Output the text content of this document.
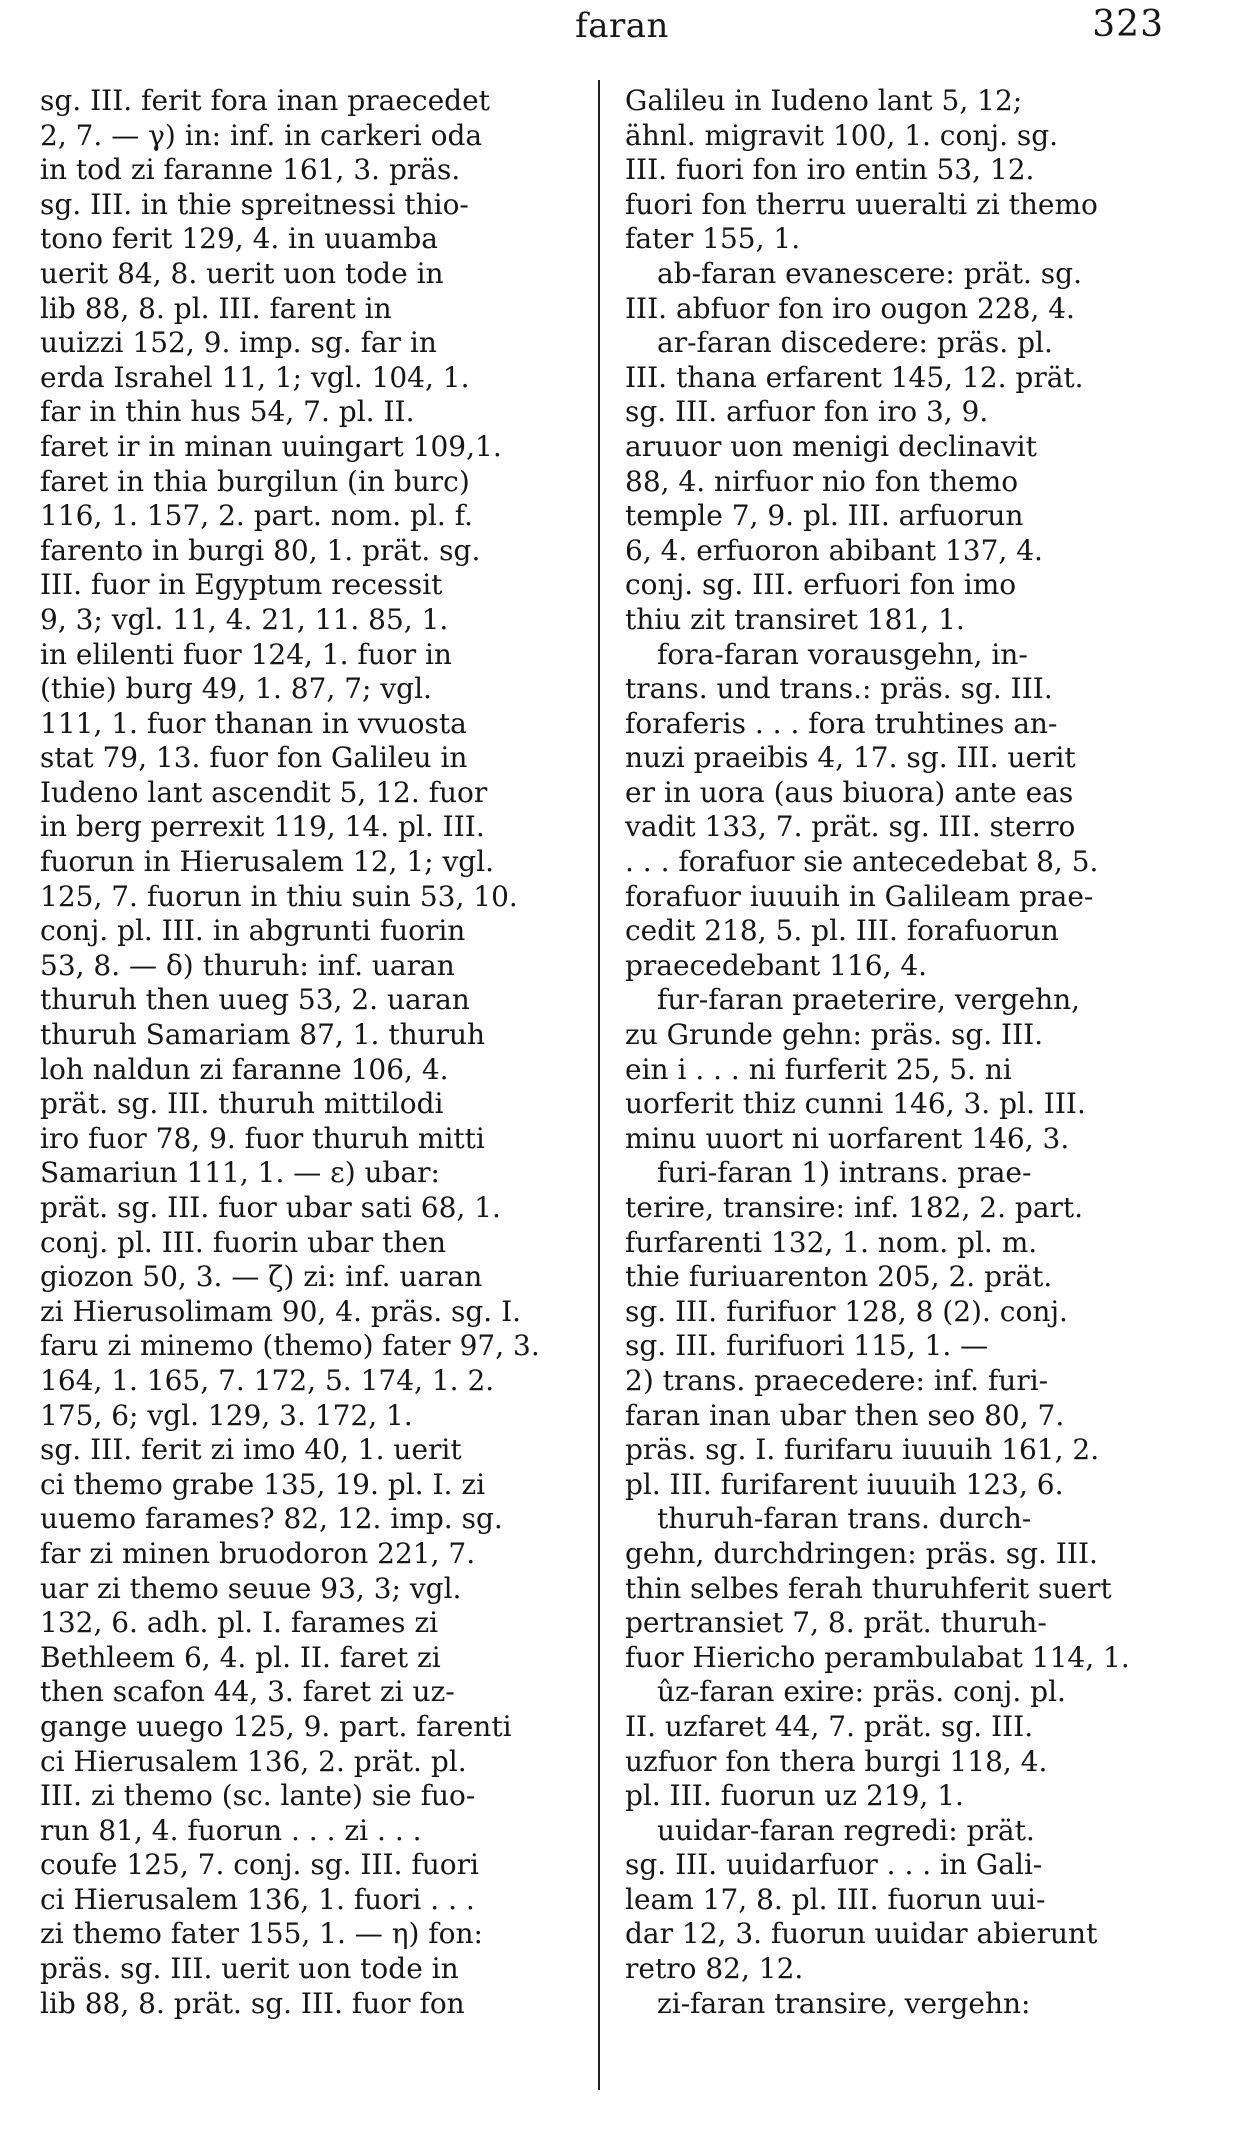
faran	323
sg. III. ferit fora inan praecedet
2, 7. — γ) in: inf. in carkeri oda
in tod zi faranne 161, 3. präs.
sg. III. in thie spreitnessi thio-
tono ferit 129, 4. in uuamba
uerit 84, 8. uerit uon tode in
lib 88, 8. pl. III. farent in
uuizzi 152, 9. imp. sg. far in
erda Israhel 11, 1; vgl. 104, 1.
far in thin hus 54, 7. pl. II.
faret ir in minan uuingart 109,1.
faret in thia burgilun (in burc)
116, 1. 157, 2. part. nom. pl. f.
farento in burgi 80, 1. prät. sg.
III. fuor in Egyptum recessit
9, 3; vgl. 11, 4. 21, 11. 85, 1.
in elilenti fuor 124, 1. fuor in
(thie) burg 49, 1. 87, 7; vgl.
111, 1. fuor thanan in vvuosta
stat 79, 13. fuor fon Galileu in
Iudeno lant ascendit 5, 12. fuor
in berg perrexit 119, 14. pl. III.
fuorun in Hierusalem 12, 1; vgl.
125, 7. fuorun in thiu suin 53, 10.
conj. pl. III. in abgrunti fuorin
53, 8. — δ) thuruh: inf. uaran
thuruh then uueg 53, 2. uaran
thuruh Samariam 87, 1. thuruh
loh naldun zi faranne 106, 4.
prät. sg. III. thuruh mittilodi
iro fuor 78, 9. fuor thuruh mitti
Samariun 111, 1. — ε) ubar:
prät. sg. III. fuor ubar sati 68, 1.
conj. pl. III. fuorin ubar then
giozon 50, 3. — ζ) zi: inf. uaran
zi Hierusolimam 90, 4. präs. sg. I.
faru zi minemo (themo) fater 97, 3.
164, 1. 165, 7. 172, 5. 174, 1. 2.
175, 6; vgl. 129, 3. 172, 1.
sg. III. ferit zi imo 40, 1. uerit
ci themo grabe 135, 19. pl. I. zi
uuemo farames? 82, 12. imp. sg.
far zi minen bruodoron 221, 7.
uar zi themo seuue 93, 3; vgl.
132, 6. adh. pl. I. farames zi
Bethleem 6, 4. pl. II. faret zi
then scafon 44, 3. faret zi uz-
gange uuego 125, 9. part. farenti
ci Hierusalem 136, 2. prät. pl.
III. zi themo (sc. lante) sie fuo-
run 81, 4. fuorun . . . zi . . .
coufe 125, 7. conj. sg. III. fuori
ci Hierusalem 136, 1. fuori . . .
zi themo fater 155, 1. — η) fon:
präs. sg. III. uerit uon tode in
lib 88, 8. prät. sg. III. fuor fon
Galileu in Iudeno lant 5, 12;
ähnl. migravit 100, 1. conj. sg.
III. fuori fon iro entin 53, 12.
fuori fon therru uueralti zi themo
fater 155, 1.
ab-faran evanescere: prät. sg.
III. abfuor fon iro ougon 228, 4.
ar-faran discedere: präs. pl.
III. thana erfarent 145, 12. prät.
sg. III. arfuor fon iro 3, 9.
aruuor uon menigi declinavit
88, 4. nirfuor nio fon themo
temple 7, 9. pl. III. arfuorun
6, 4. erfuoron abibant 137, 4.
conj. sg. III. erfuori fon imo
thiu zit transiret 181, 1.
fora-faran vorausgehn, in-
trans. und trans.: präs. sg. III.
foraferis . . . fora truhtines an-
nuzi praeibis 4, 17. sg. III. uerit
er in uora (aus biuora) ante eas
vadit 133, 7. prät. sg. III. sterro
. . . forafuor sie antecedebat 8, 5.
forafuor iuuuih in Galileam prae-
cedit 218, 5. pl. III. forafuorun
praecedebant 116, 4.
fur-faran praeterire, vergehn,
zu Grunde gehn: präs. sg. III.
ein i . . . ni furferit 25, 5. ni
uorferit thiz cunni 146, 3. pl. III.
minu uuort ni uorfarent 146, 3.
furi-faran 1) intrans. prae-
terire, transire: inf. 182, 2. part.
furfarenti 132, 1. nom. pl. m.
thie furiuarenton 205, 2. prät.
sg. III. furifuor 128, 8 (2). conj.
sg. III. furifuori 115, 1. —
2) trans. praecedere: inf. furi-
faran inan ubar then seo 80, 7.
präs. sg. I. furifaru iuuuih 161, 2.
pl. III. furifarent iuuuih 123, 6.
thuruh-faran trans. durch-
gehn, durchdringen: präs. sg. III.
thin selbes ferah thuruhferit suert
pertransiet 7, 8. prät. thuruh-
fuor Hiericho perambulabat 114, 1.
ûz-faran exire: präs. conj. pl.
II. uzfaret 44, 7. prät. sg. III.
uzfuor fon thera burgi 118, 4.
pl. III. fuorun uz 219, 1.
uuidar-faran regredi: prät.
sg. III. uuidarfuor . . . in Gali-
leam 17, 8. pl. III. fuorun uui-
dar 12, 3. fuorun uuidar abierunt
retro 82, 12.
zi-faran transire, vergehn:
